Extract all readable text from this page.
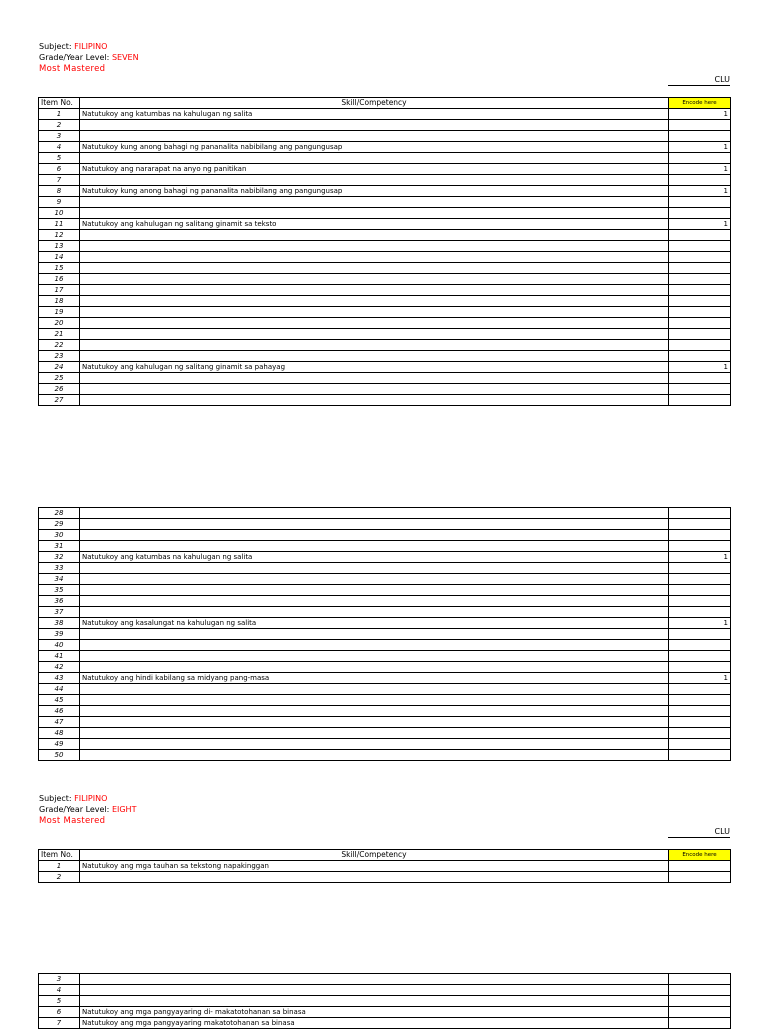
Subject: FILIPINO
Grade/Year Level: SEVEN
Most Mastered
CLU
Item No.	Skill/Competency	Encode here
1	Natutukoy ang katumbas na kahulugan ng salita	1
2		
3		
4	Natutukoy kung anong bahagi ng pananalita nabibilang ang pangungusap	1
5		
6	Natutukoy ang nararapat na anyo ng panitikan	1
7		
8	Natutukoy kung anong bahagi ng pananalita nabibilang ang pangungusap	1
9		
10		
11	Natutukoy ang kahulugan ng salitang ginamit sa teksto	1
12		
13		
14		
15		
16		
17		
18		
19		
20		
21		
22		
23		
24	Natutukoy ang kahulugan ng salitang ginamit sa pahayag	1
25		
26		
27		
28		
29		
30		
31		
32	Natutukoy ang katumbas na kahulugan ng salita	1
33		
34		
35		
36		
37		
38	Natutukoy ang kasalungat na kahulugan ng salita	1
39		
40		
41		
42		
43	Natutukoy ang hindi kabilang sa midyang pang-masa	1
44		
45		
46		
47		
48		
49		
50		
Subject: FILIPINO
Grade/Year Level: EIGHT
Most Mastered
CLU
Item No.	Skill/Competency	Encode here
1	Natutukoy ang mga tauhan sa tekstong napakinggan	
2		
3		
4		
5		
6	Natutukoy ang mga pangyayaring di- makatotohanan sa binasa	
7	Natutukoy ang mga pangyayaring makatotohanan sa binasa	
